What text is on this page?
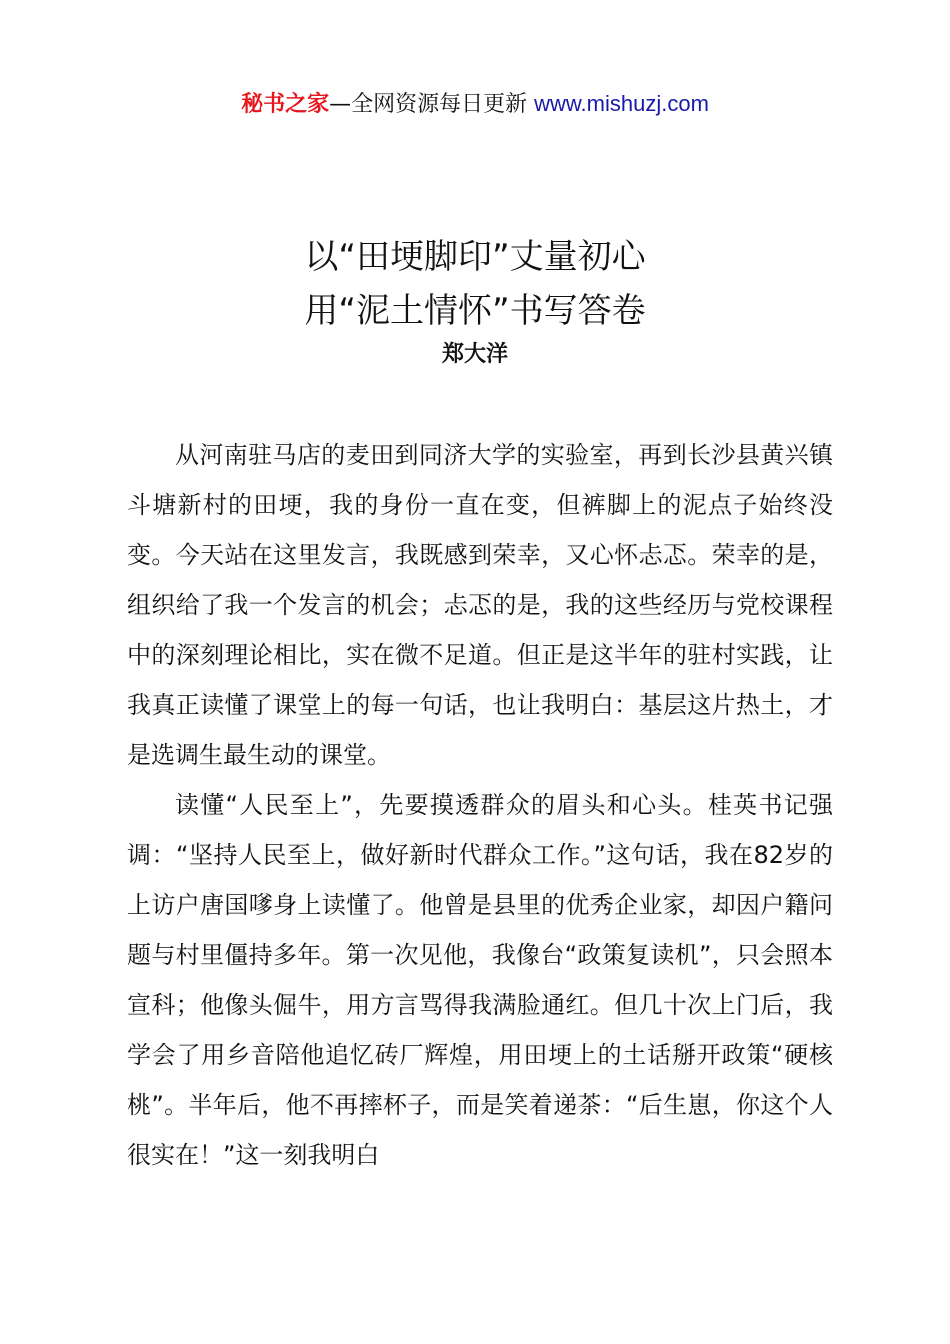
秘书之家—全网资源每日更新 www.mishuzj.com
以“田埂脚印”丈量初心
用“泥土情怀”书写答卷
郑大洋

从河南驻马店的麦田到同济大学的实验室，再到长沙县黄兴镇斗塘新村的田埂，我的身份一直在变，但裤脚上的泥点子始终没变。今天站在这里发言，我既感到荣幸，又心怀忐忑。荣幸的是，组织给了我一个发言的机会；忐忑的是，我的这些经历与党校课程中的深刻理论相比，实在微不足道。但正是这半年的驻村实践，让我真正读懂了课堂上的每一句话，也让我明白：基层这片热土，才是选调生最生动的课堂。

读懂“人民至上”，先要摸透群众的眉头和心头。桂英书记强调：“坚持人民至上，做好新时代群众工作。”这句话，我在82岁的上访户唐国嗲身上读懂了。他曾是县里的优秀企业家，却因户籍问题与村里僵持多年。第一次见他，我像台“政策复读机”，只会照本宣科；他像头倔牛，用方言骂得我满脸通红。但几十次上门后，我学会了用乡音陪他追忆砖厂辉煌，用田埂上的土话掰开政策“硬核桃”。半年后，他不再摔杯子，而是笑着递茶：“后生崽，你这个人很实在！”这一刻我明白
